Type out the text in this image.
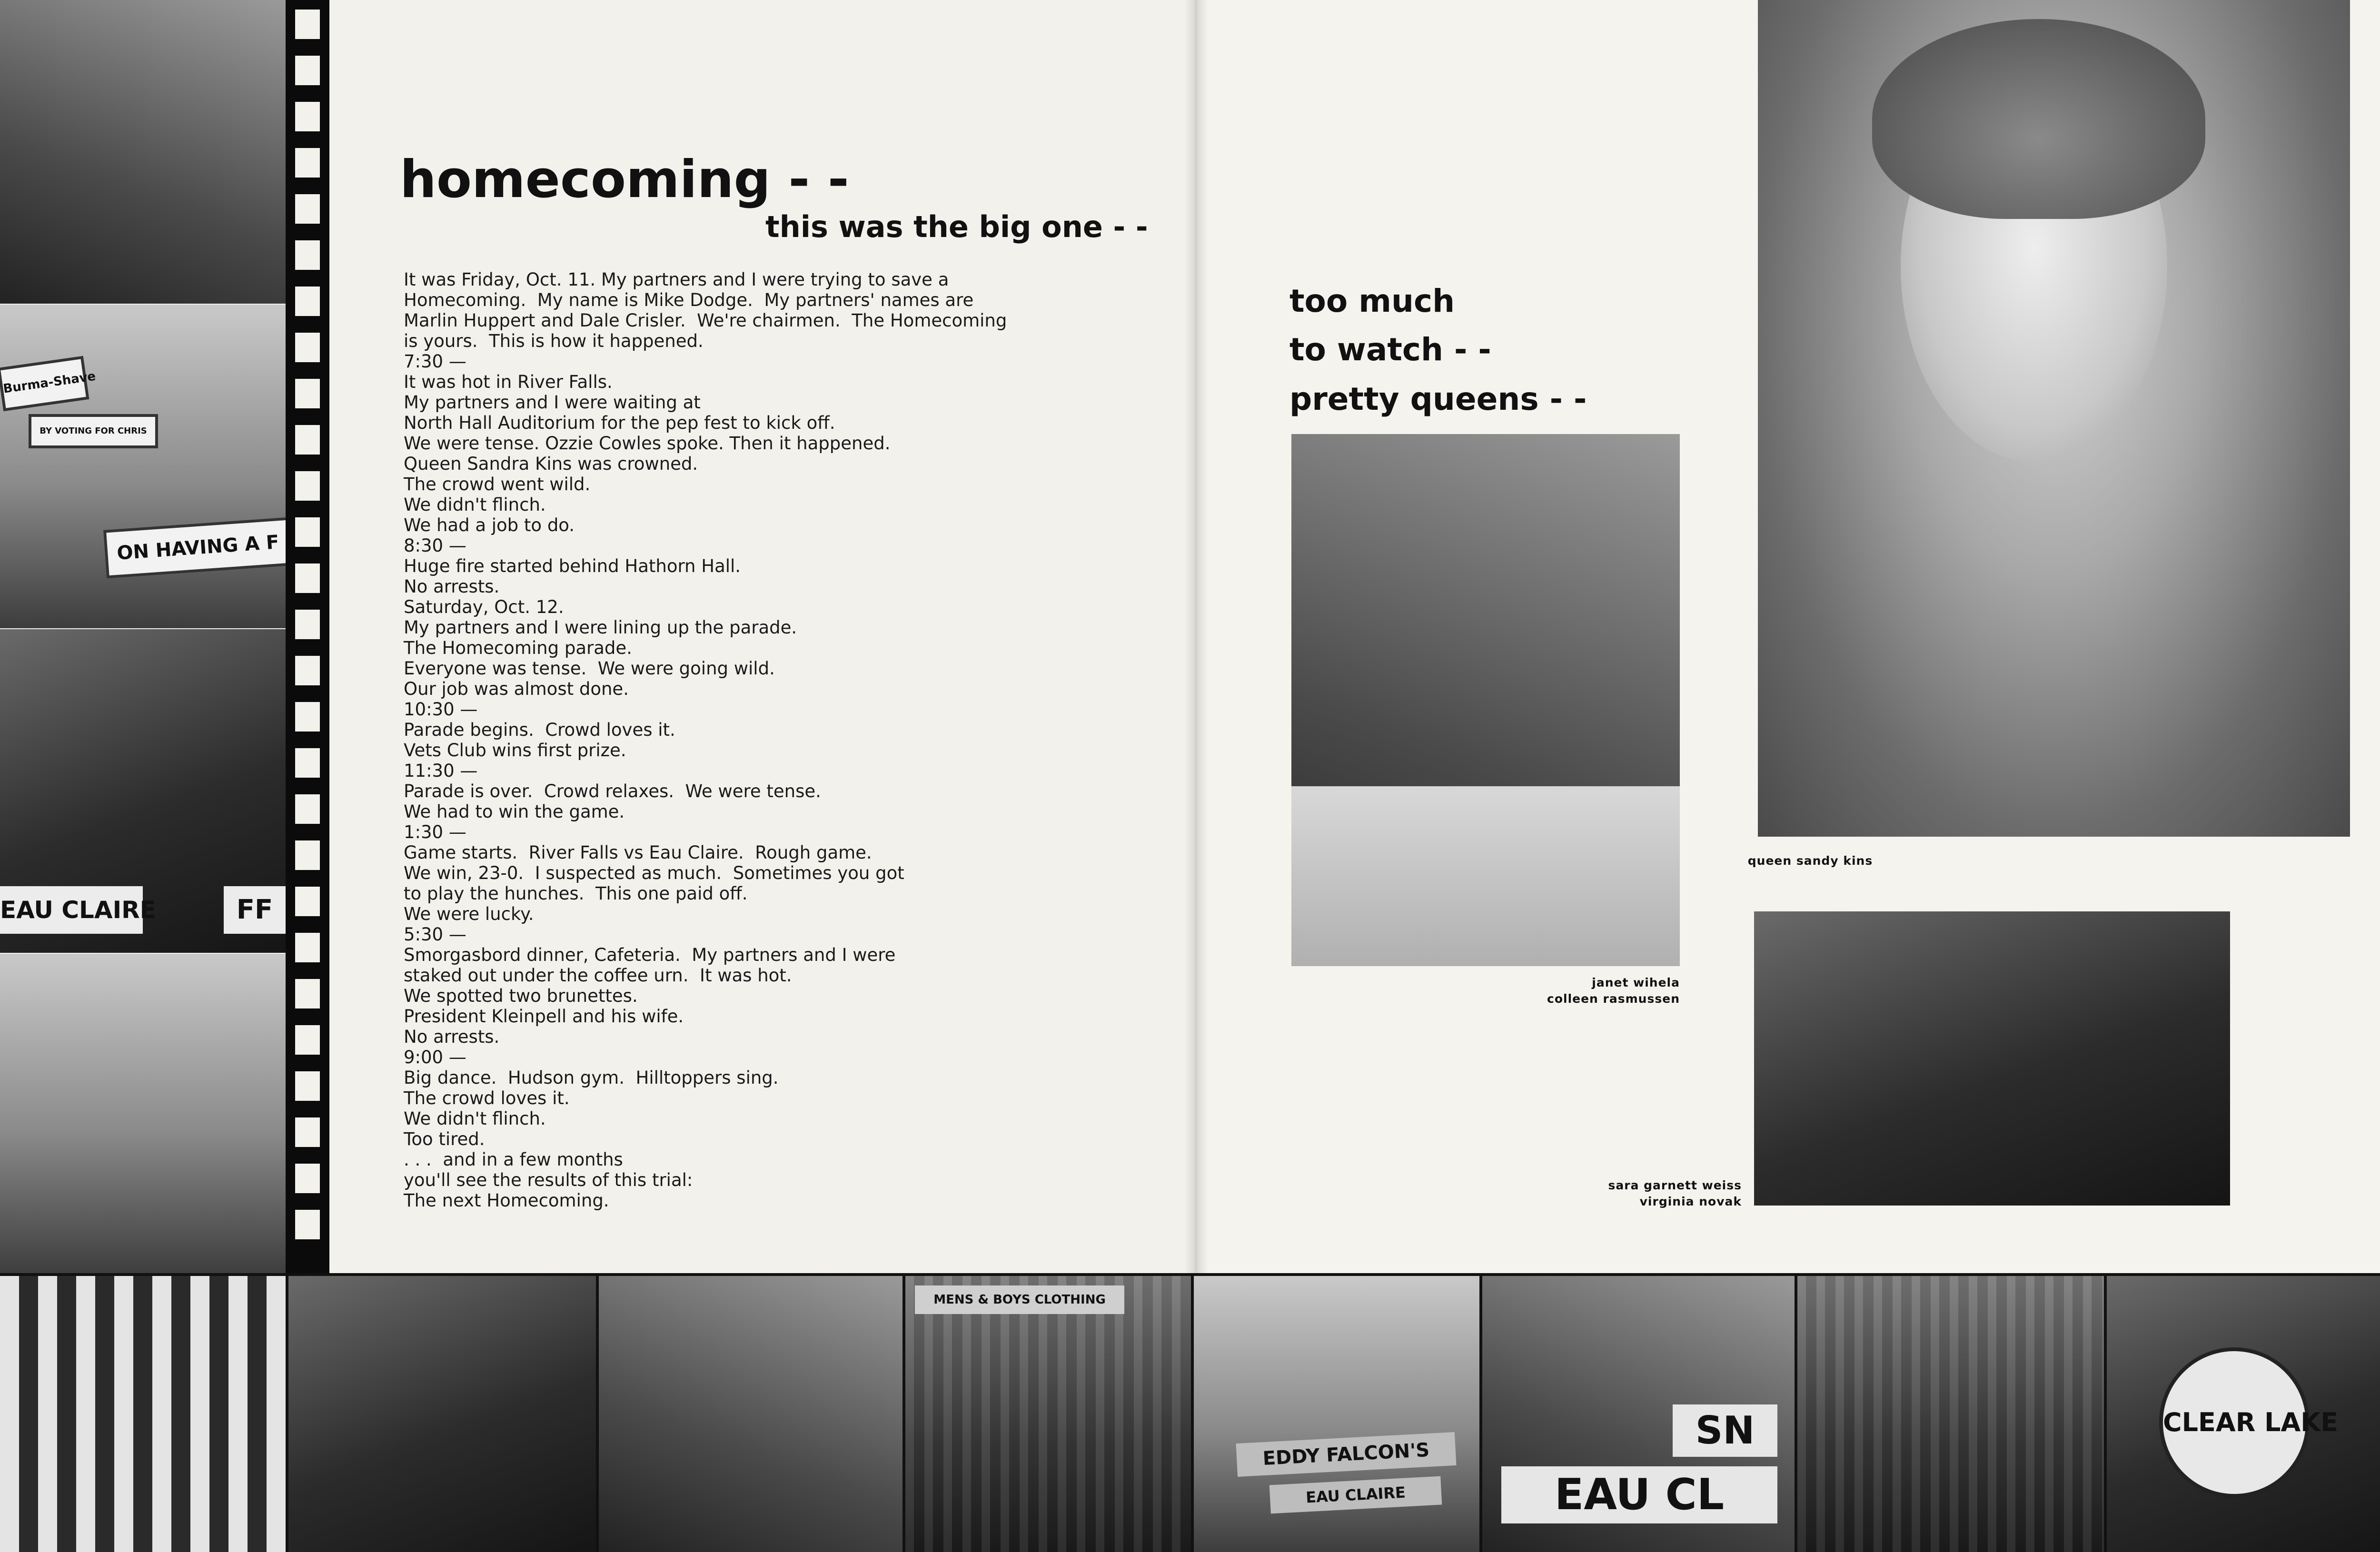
Burma-Shave
BY VOTING FOR CHRIS
ON HAVING A F
EAU CLAIRE	FF
homecoming - -
this was the big one - -
It was Friday, Oct. 11. My partners and I were trying to save a
Homecoming.  My name is Mike Dodge.  My partners' names are
Marlin Huppert and Dale Crisler.  We're chairmen.  The Homecoming
is yours.  This is how it happened.
7:30 —
It was hot in River Falls.
My partners and I were waiting at
North Hall Auditorium for the pep fest to kick off.
We were tense. Ozzie Cowles spoke. Then it happened.
Queen Sandra Kins was crowned.
The crowd went wild.
We didn't flinch.
We had a job to do.
8:30 —
Huge fire started behind Hathorn Hall.
No arrests.
Saturday, Oct. 12.
My partners and I were lining up the parade.
The Homecoming parade.
Everyone was tense.  We were going wild.
Our job was almost done.
10:30 —
Parade begins.  Crowd loves it.
Vets Club wins first prize.
11:30 —
Parade is over.  Crowd relaxes.  We were tense.
We had to win the game.
1:30 —
Game starts.  River Falls vs Eau Claire.  Rough game.
We win, 23-0.  I suspected as much.  Sometimes you got
to play the hunches.  This one paid off.
We were lucky.
5:30 —
Smorgasbord dinner, Cafeteria.  My partners and I were
staked out under the coffee urn.  It was hot.
We spotted two brunettes.
President Kleinpell and his wife.
No arrests.
9:00 —
Big dance.  Hudson gym.  Hilltoppers sing.
The crowd loves it.
We didn't flinch.
Too tired.
. . .  and in a few months
you'll see the results of this trial:
The next Homecoming.
too much
to watch - -
pretty queens - -
queen sandy kins
janet wihela
colleen rasmussen
sara garnett weiss
virginia novak
MENS & BOYS CLOTHING
EDDY FALCON'S
EAU CLAIRE	EAU CL
SN	CLEAR LAKE
